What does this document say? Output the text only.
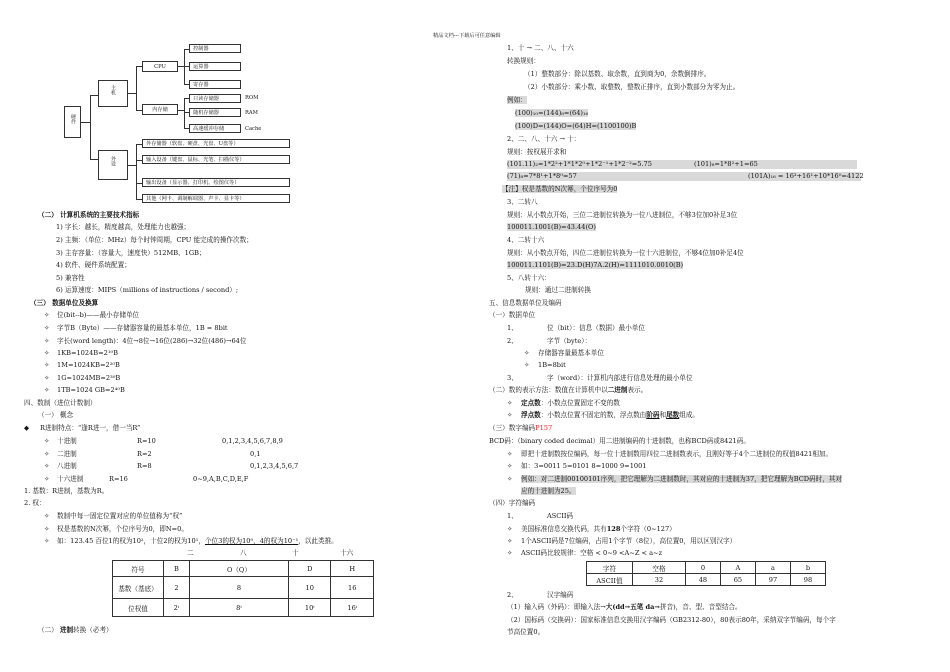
精品文档---下载后可任意编辑
硬件
主机
外设
CPU
控制器
运算器
寄存器
内存储
只读存储器
随机存储器
高速缓冲存储
ROM
RAM
Cache
外存储器（软盘、硬盘、光盘、U盘等）
输入设备（键盘、鼠标、光笔、扫描仪等）
输出设备（显示器、打印机、绘图仪等）
其他（网卡、调制解调器、声卡、显卡等）
（二） 计算机系统的主要技术指标
1) 字长：越长，精度越高，处理能力也越强；
2) 主频：（单位：MHz）每个时钟周期，CPU 能完成的操作次数；
3) 主存容量：（容量大，速度快）512MB、1GB；
4) 软件、硬件系统配置；
5) 兼容性
6) 运算速度：MIPS（millions of instructions / second）;
（三） 数据单位及换算
✧ 位(bit--b)——最小存储单位
✧ 字节B（Byte）——存储器容量的最基本单位，1B = 8bit
✧ 字长(word length)：4位→8位→16位(286)→32位(486)→64位
✧ 1KB=1024B=2¹⁰B
✧ 1M=1024KB=2²⁰B
✧ 1G=1024MB=2³⁰B
✧ 1TB=1024 GB=2⁴⁰B
四、数制（进位计数制）
（一） 概念
◆ R进制特点：“逢R进一，借一当R”
✧ 十进制	R=10	0,1,2,3,4,5,6,7,8,9
✧ 二进制	R=2	0,1
✧ 八进制	R=8	0,1,2,3,4,5,6,7
✧ 十六进制	R=16	0~9,A,B,C,D,E,F
1. 基数：R进制，基数为R。
2. 权：
✧ 数制中每一固定位置对应的单位值称为“权”
✧ 权是基数的N次幂，个位序号为0，即N=0。
✧ 如：123.45 百位1的权为10²，十位2的权为10¹，个位3的权为10⁰，4的权为10⁻¹，以此类推。
二	八	十	十六
符号	B	O（Q）	D	H
基数（基底）	2	8	10	16
位权值	2ⁱ	8ⁱ	10ⁱ	16ⁱ
（二） 进制转换（必考）
1、十 → 二、八、十六
转换规则：
（1）整数部分：除以基数、取余数，直到商为0，余数倒排序。
（2）小数部分：乘小数、取整数，整数正排序，直到小数部分为零为止。
例如：
(100)₁₀=(144)₈=(64)₁₆
(100)D=(144)O=(64)H=(1100100)B
2、二、八、十六 → 十：
规则：按权展开求和
(101.11)₂=1*2²+1*1*2⁰+1*2⁻¹+1*2⁻²=5.75	(101)₈=1*8²+1=65
(71)₈=7*8¹+1*8⁰=57	(101A)₁₆ = 16³+16¹+10*16⁰=4122
【注】权是基数的N次幂，个位序号为0
3、二转八
规则：从小数点开始，三位二进制位转换为一位八进制位，不够3位加0补足3位
100011.1001(B)=43.44(O)
4、二转十六
规则：从小数点开始，四位二进制位转换为一位十六进制位，不够4位加0补足4位
100011.1101(B)=23.D(H)7A.2(H)=1111010.0010(B)
5、八转十六：
规则：通过二进制转换
五、信息数据单位及编码
（一）数据单位
1、	位（bit）：信息（数据）最小单位
2、	字节（byte）：
✧ 存储器容量最基本单位
✧ 1B=8bit
3、	字（word）：计算机内部进行信息处理的最小单位
（二）数的表示方法：数值在计算机中以二进制表示。
✧ 定点数：小数点位置固定不变的数
✧ 浮点数：小数点位置不固定的数，浮点数由阶码和尾数组成。
（三）数字编码P157
BCD码：（binary coded decimal）用二进制编码的十进制数，也称BCD码或8421码。
✧ 即把十进制数按位编码，每一位十进制数用四位二进制数表示，且刚好等于4个二进制位的权值8421相加。
✧ 如：3=0011 5=0101 8=1000 9=1001
✧ 例如：对二进制00100101序列，把它理解为二进制数时，其对应的十进制为37，把它理解为BCD码时，其对
应的十进制为25。
（四）字符编码
1、	ASCII码
✧ 美国标准信息交换代码，共有128个字符（0~127）
✧ 1个ASCII码是7位编码，占用1个字节（8位），高位置0，用以区别汉字）
✧ ASCII码比较规律：空格 < 0~9 <A~Z < a~z
字符	空格	0	A	a	b
ASCII值	32	48	65	97	98
2、	汉字编码
（1）输入码（外码）：即输入法→大(dd→五笔 da→拼音)，音、型、音型结合。
（2）国标码（交换码）：国家标准信息交换用汉字编码（GB2312-80），80表示80年，采纳双字节编码，每个字
节高位置0。
